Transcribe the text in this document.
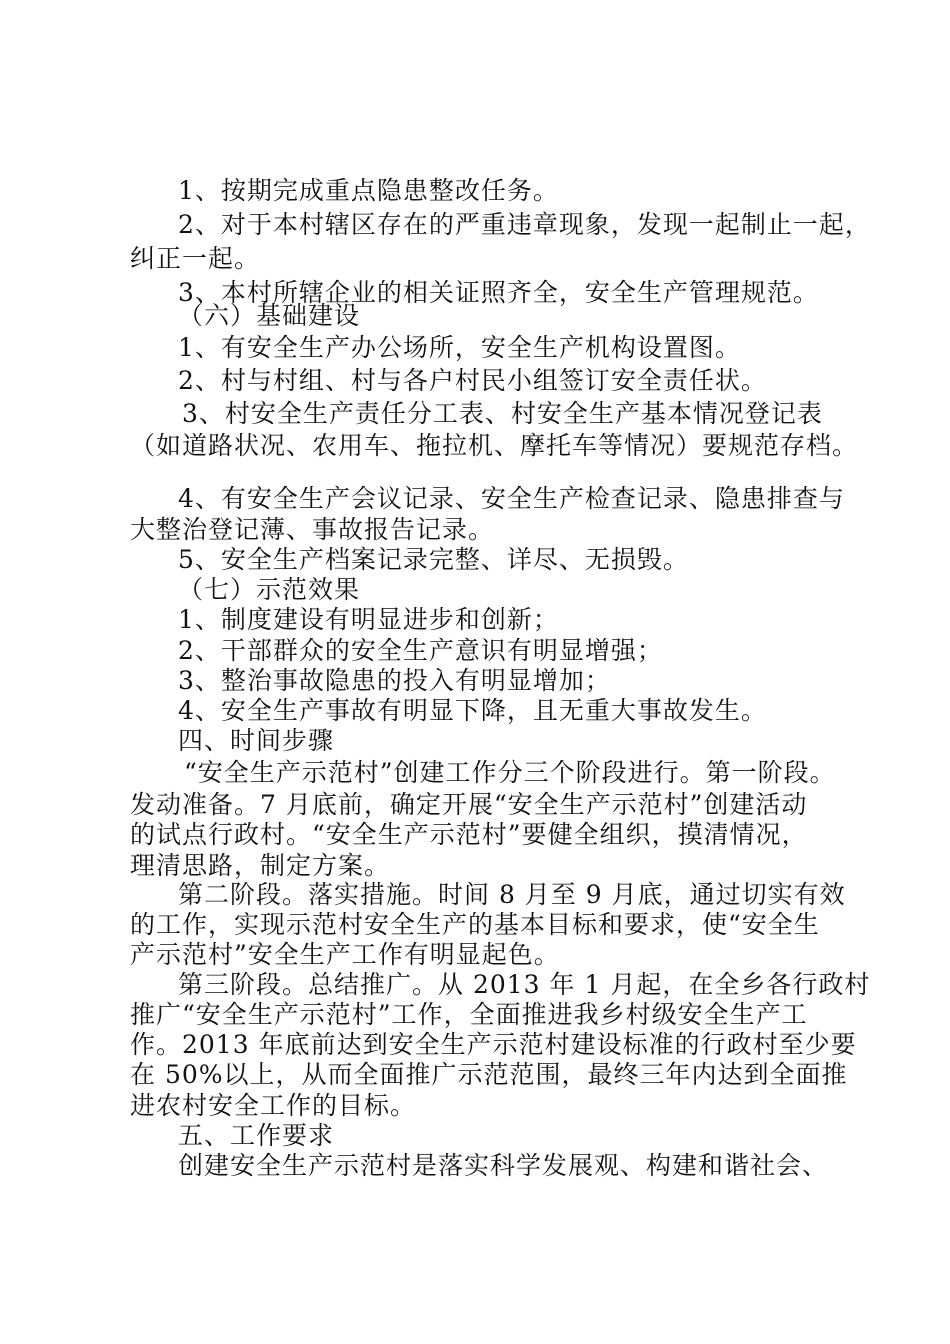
1、按期完成重点隐患整改任务。
2、对于本村辖区存在的严重违章现象，发现一起制止一起，
纠正一起。
3、本村所辖企业的相关证照齐全，安全生产管理规范。
（六）基础建设
1、有安全生产办公场所，安全生产机构设置图。
2、村与村组、村与各户村民小组签订安全责任状。
3、村安全生产责任分工表、村安全生产基本情况登记表
（如道路状况、农用车、拖拉机、摩托车等情况）要规范存档。
4、有安全生产会议记录、安全生产检查记录、隐患排查与
大整治登记薄、事故报告记录。
5、安全生产档案记录完整、详尽、无损毁。
（七）示范效果
1、制度建设有明显进步和创新；
2、干部群众的安全生产意识有明显增强；
3、整治事故隐患的投入有明显增加；
4、安全生产事故有明显下降，且无重大事故发生。
四、时间步骤
“安全生产示范村”创建工作分三个阶段进行。第一阶段。
发动准备。7 月底前，确定开展“安全生产示范村”创建活动
的试点行政村。“安全生产示范村”要健全组织，摸清情况，
理清思路，制定方案。
第二阶段。落实措施。时间 8 月至 9 月底，通过切实有效
的工作，实现示范村安全生产的基本目标和要求，使“安全生
产示范村”安全生产工作有明显起色。
第三阶段。总结推广。从 2013 年 1 月起，在全乡各行政村
推广“安全生产示范村”工作，全面推进我乡村级安全生产工
作。2013 年底前达到安全生产示范村建设标准的行政村至少要
在 50%以上，从而全面推广示范范围，最终三年内达到全面推
进农村安全工作的目标。
五、工作要求
创建安全生产示范村是落实科学发展观、构建和谐社会、
